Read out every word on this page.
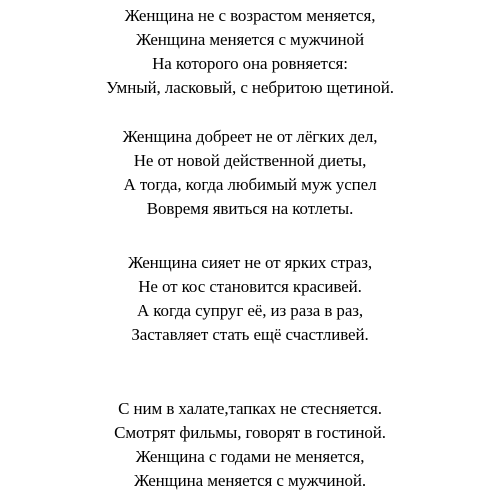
Женщина не с возрастом меняется,
Женщина меняется с мужчиной
На которого она ровняется:
Умный, ласковый, с небритою щетиной.
Женщина добреет не от лёгких дел,
Не от новой действенной диеты,
А тогда, когда любимый муж успел
Вовремя явиться на котлеты.
Женщина сияет не от ярких страз,
Не от кос становится красивей.
А когда супруг её, из раза в раз,
Заставляет стать ещё счастливей.
С ним в халате,тапках не стесняется.
Смотрят фильмы, говорят в гостиной.
Женщина с годами не меняется,
Женщина меняется с мужчиной.
